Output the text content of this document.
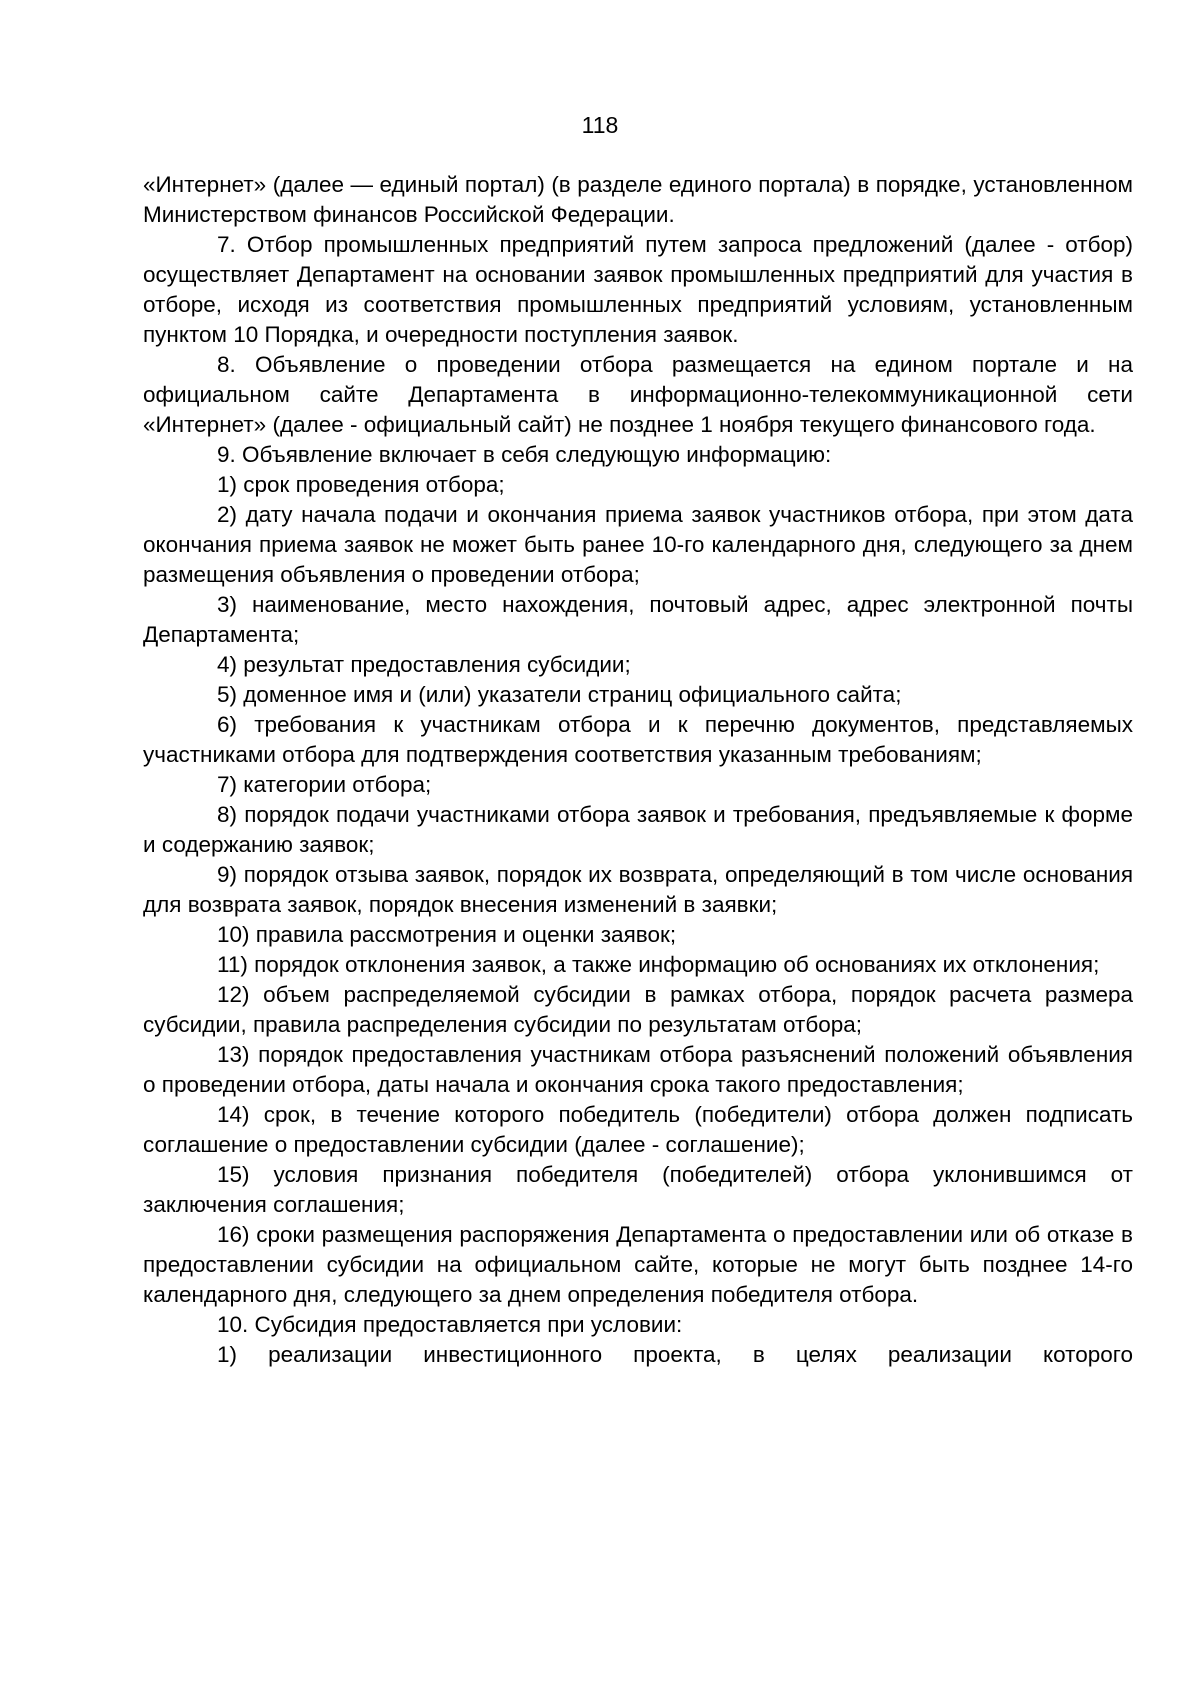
118

«Интернет» (далее — единый портал) (в разделе единого портала) в порядке, установленном Министерством финансов Российской Федерации.

7. Отбор промышленных предприятий путем запроса предложений (далее - отбор) осуществляет Департамент на основании заявок промышленных предприятий для участия в отборе, исходя из соответствия промышленных предприятий условиям, установленным пунктом 10 Порядка, и очередности поступления заявок.

8. Объявление о проведении отбора размещается на едином портале и на официальном сайте Департамента в информационно-телекоммуникационной сети «Интернет» (далее - официальный сайт) не позднее 1 ноября текущего финансового года.

9. Объявление включает в себя следующую информацию:

1) срок проведения отбора;

2) дату начала подачи и окончания приема заявок участников отбора, при этом дата окончания приема заявок не может быть ранее 10-го календарного дня, следующего за днем размещения объявления о проведении отбора;

3) наименование, место нахождения, почтовый адрес, адрес электронной почты Департамента;

4) результат предоставления субсидии;

5) доменное имя и (или) указатели страниц официального сайта;

6) требования к участникам отбора и к перечню документов, представляемых участниками отбора для подтверждения соответствия указанным требованиям;

7) категории отбора;

8) порядок подачи участниками отбора заявок и требования, предъявляемые к форме и содержанию заявок;

9) порядок отзыва заявок, порядок их возврата, определяющий в том числе основания для возврата заявок, порядок внесения изменений в заявки;

10) правила рассмотрения и оценки заявок;

11) порядок отклонения заявок, а также информацию об основаниях их отклонения;

12) объем распределяемой субсидии в рамках отбора, порядок расчета размера субсидии, правила распределения субсидии по результатам отбора;

13) порядок предоставления участникам отбора разъяснений положений объявления о проведении отбора, даты начала и окончания срока такого предоставления;

14) срок, в течение которого победитель (победители) отбора должен подписать соглашение о предоставлении субсидии (далее - соглашение);

15) условия признания победителя (победителей) отбора уклонившимся от заключения соглашения;

16) сроки размещения распоряжения Департамента о предоставлении или об отказе в предоставлении субсидии на официальном сайте, которые не могут быть позднее 14-го календарного дня, следующего за днем определения победителя отбора.

10. Субсидия предоставляется при условии:

1) реализации инвестиционного проекта, в целях реализации которого
